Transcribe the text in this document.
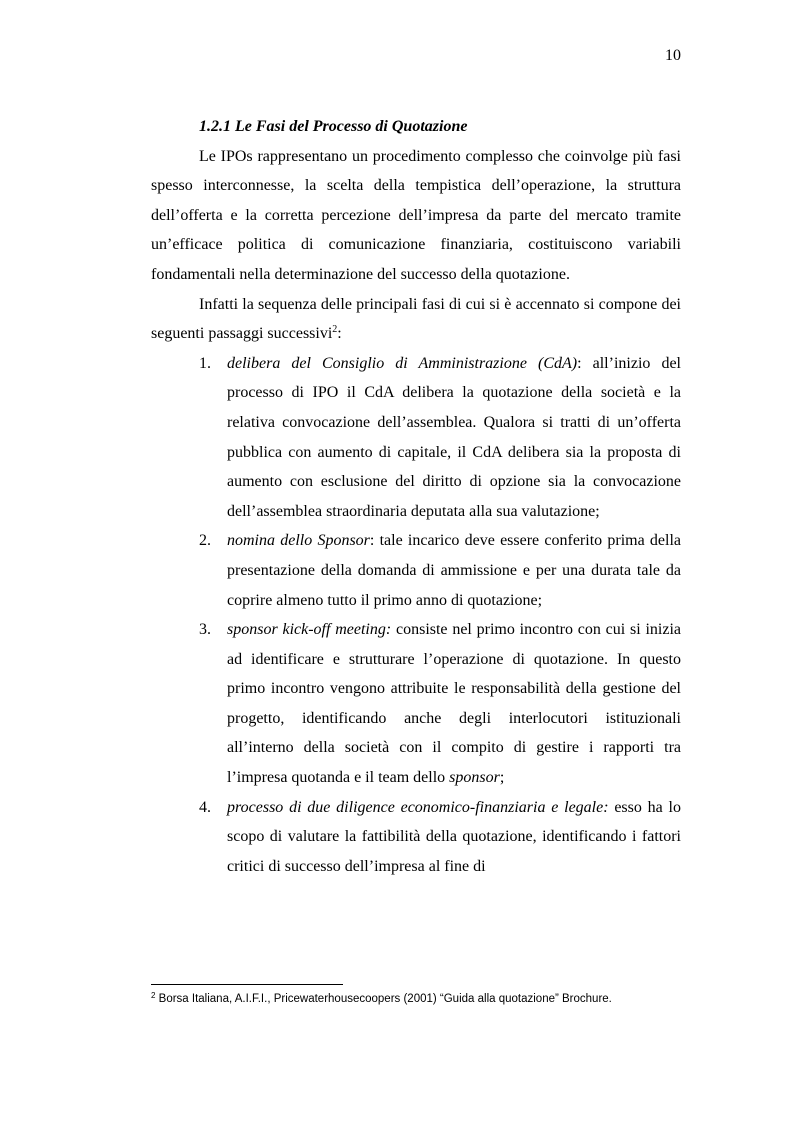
10
1.2.1 Le Fasi del Processo di Quotazione

Le IPOs rappresentano un procedimento complesso che coinvolge più fasi spesso interconnesse, la scelta della tempistica dell’operazione, la struttura dell’offerta e la corretta percezione dell’impresa da parte del mercato tramite un’efficace politica di comunicazione finanziaria, costituiscono variabili fondamentali nella determinazione del successo della quotazione.

Infatti la sequenza delle principali fasi di cui si è accennato si compone dei seguenti passaggi successivi$^2$:

1. delibera del Consiglio di Amministrazione (CdA): all’inizio del processo di IPO il CdA delibera la quotazione della società e la relativa convocazione dell’assemblea. Qualora si tratti di un’offerta pubblica con aumento di capitale, il CdA delibera sia la proposta di aumento con esclusione del diritto di opzione sia la convocazione dell’assemblea straordinaria deputata alla sua valutazione;
2. nomina dello Sponsor: tale incarico deve essere conferito prima della presentazione della domanda di ammissione e per una durata tale da coprire almeno tutto il primo anno di quotazione;
3. sponsor kick-off meeting: consiste nel primo incontro con cui si inizia ad identificare e strutturare l’operazione di quotazione. In questo primo incontro vengono attribuite le responsabilità della gestione del progetto, identificando anche degli interlocutori istituzionali all’interno della società con il compito di gestire i rapporti tra l’impresa quotanda e il team dello sponsor;
4. processo di due diligence economico-finanziaria e legale: esso ha lo scopo di valutare la fattibilità della quotazione, identificando i fattori critici di successo dell’impresa al fine di
$^2$ Borsa Italiana, A.I.F.I., Pricewaterhousecoopers (2001) “Guida alla quotazione” Brochure.
